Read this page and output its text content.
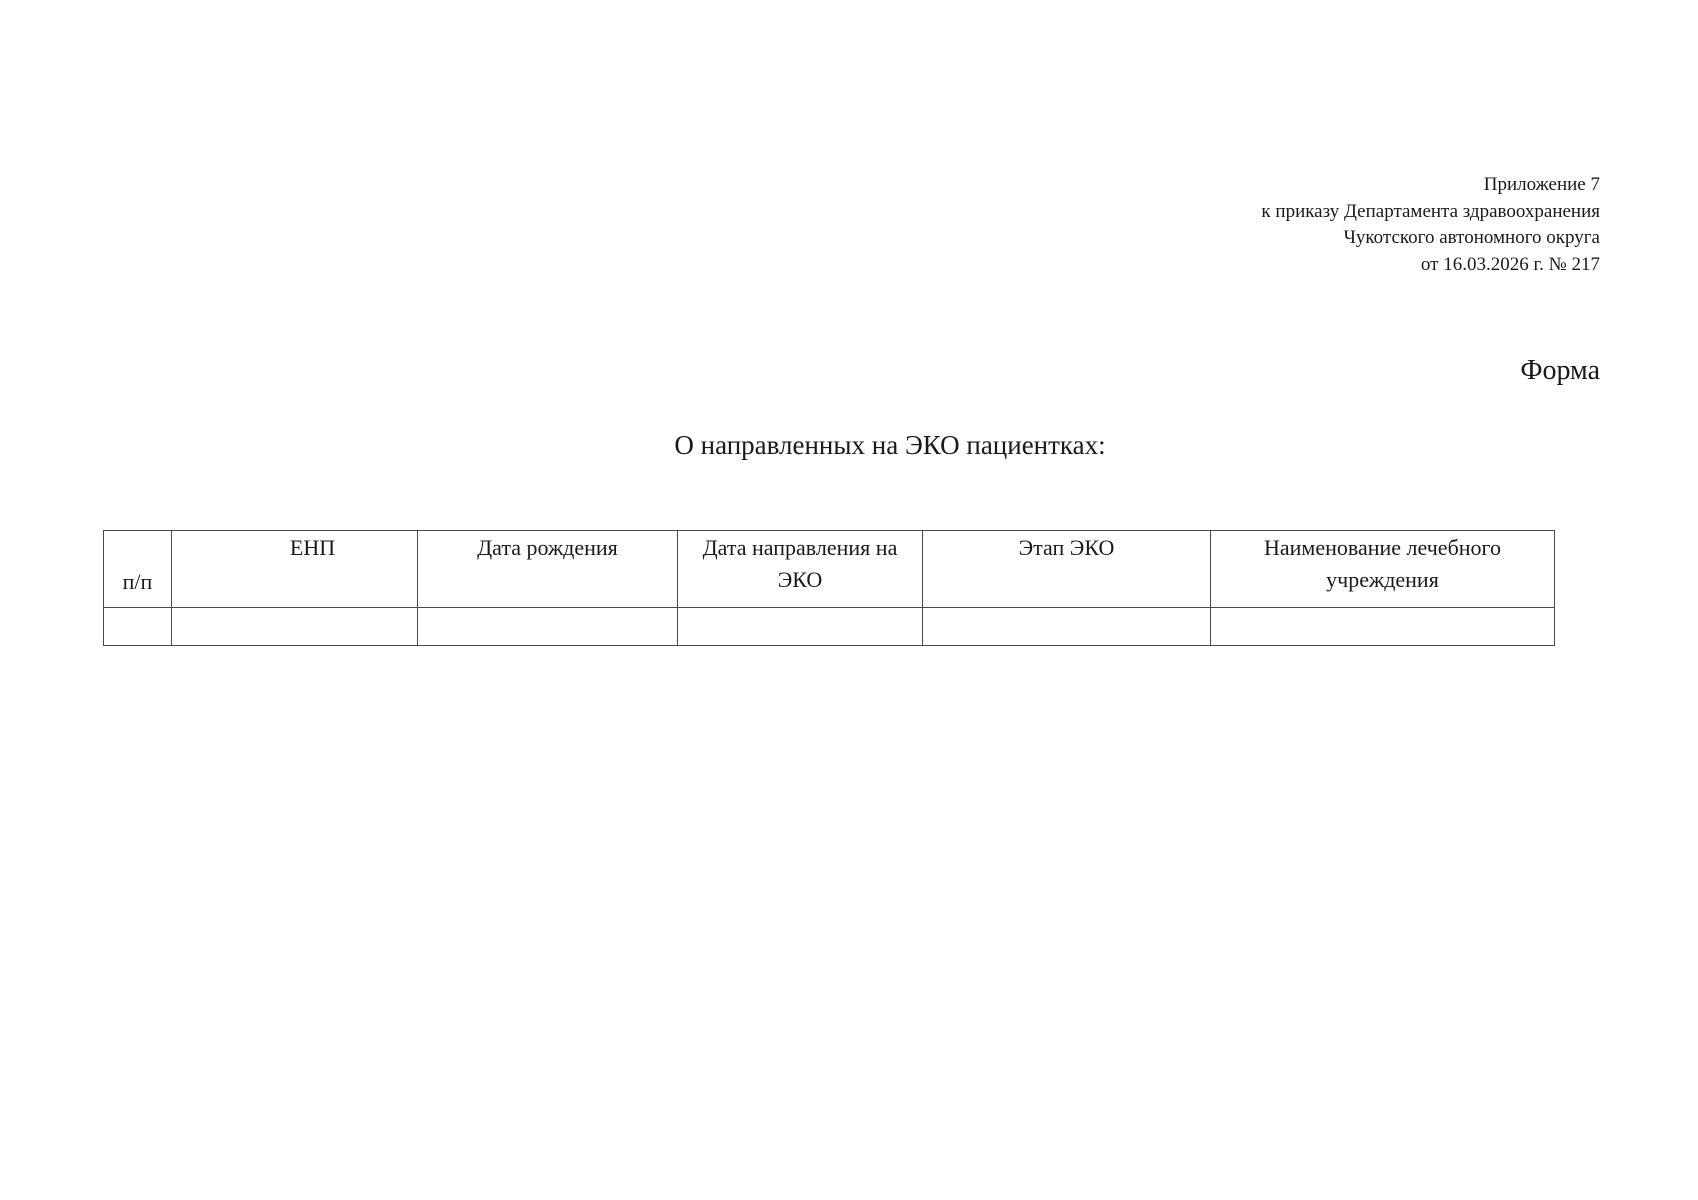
Приложение 7
к приказу Департамента здравоохранения
Чукотского автономного округа
от 16.03.2026 г. № 217
Форма
О направленных на ЭКО пациентках:
п/п	ЕНП	Дата рождения	Дата направления на ЭКО	Этап ЭКО	Наименование лечебного учреждения
